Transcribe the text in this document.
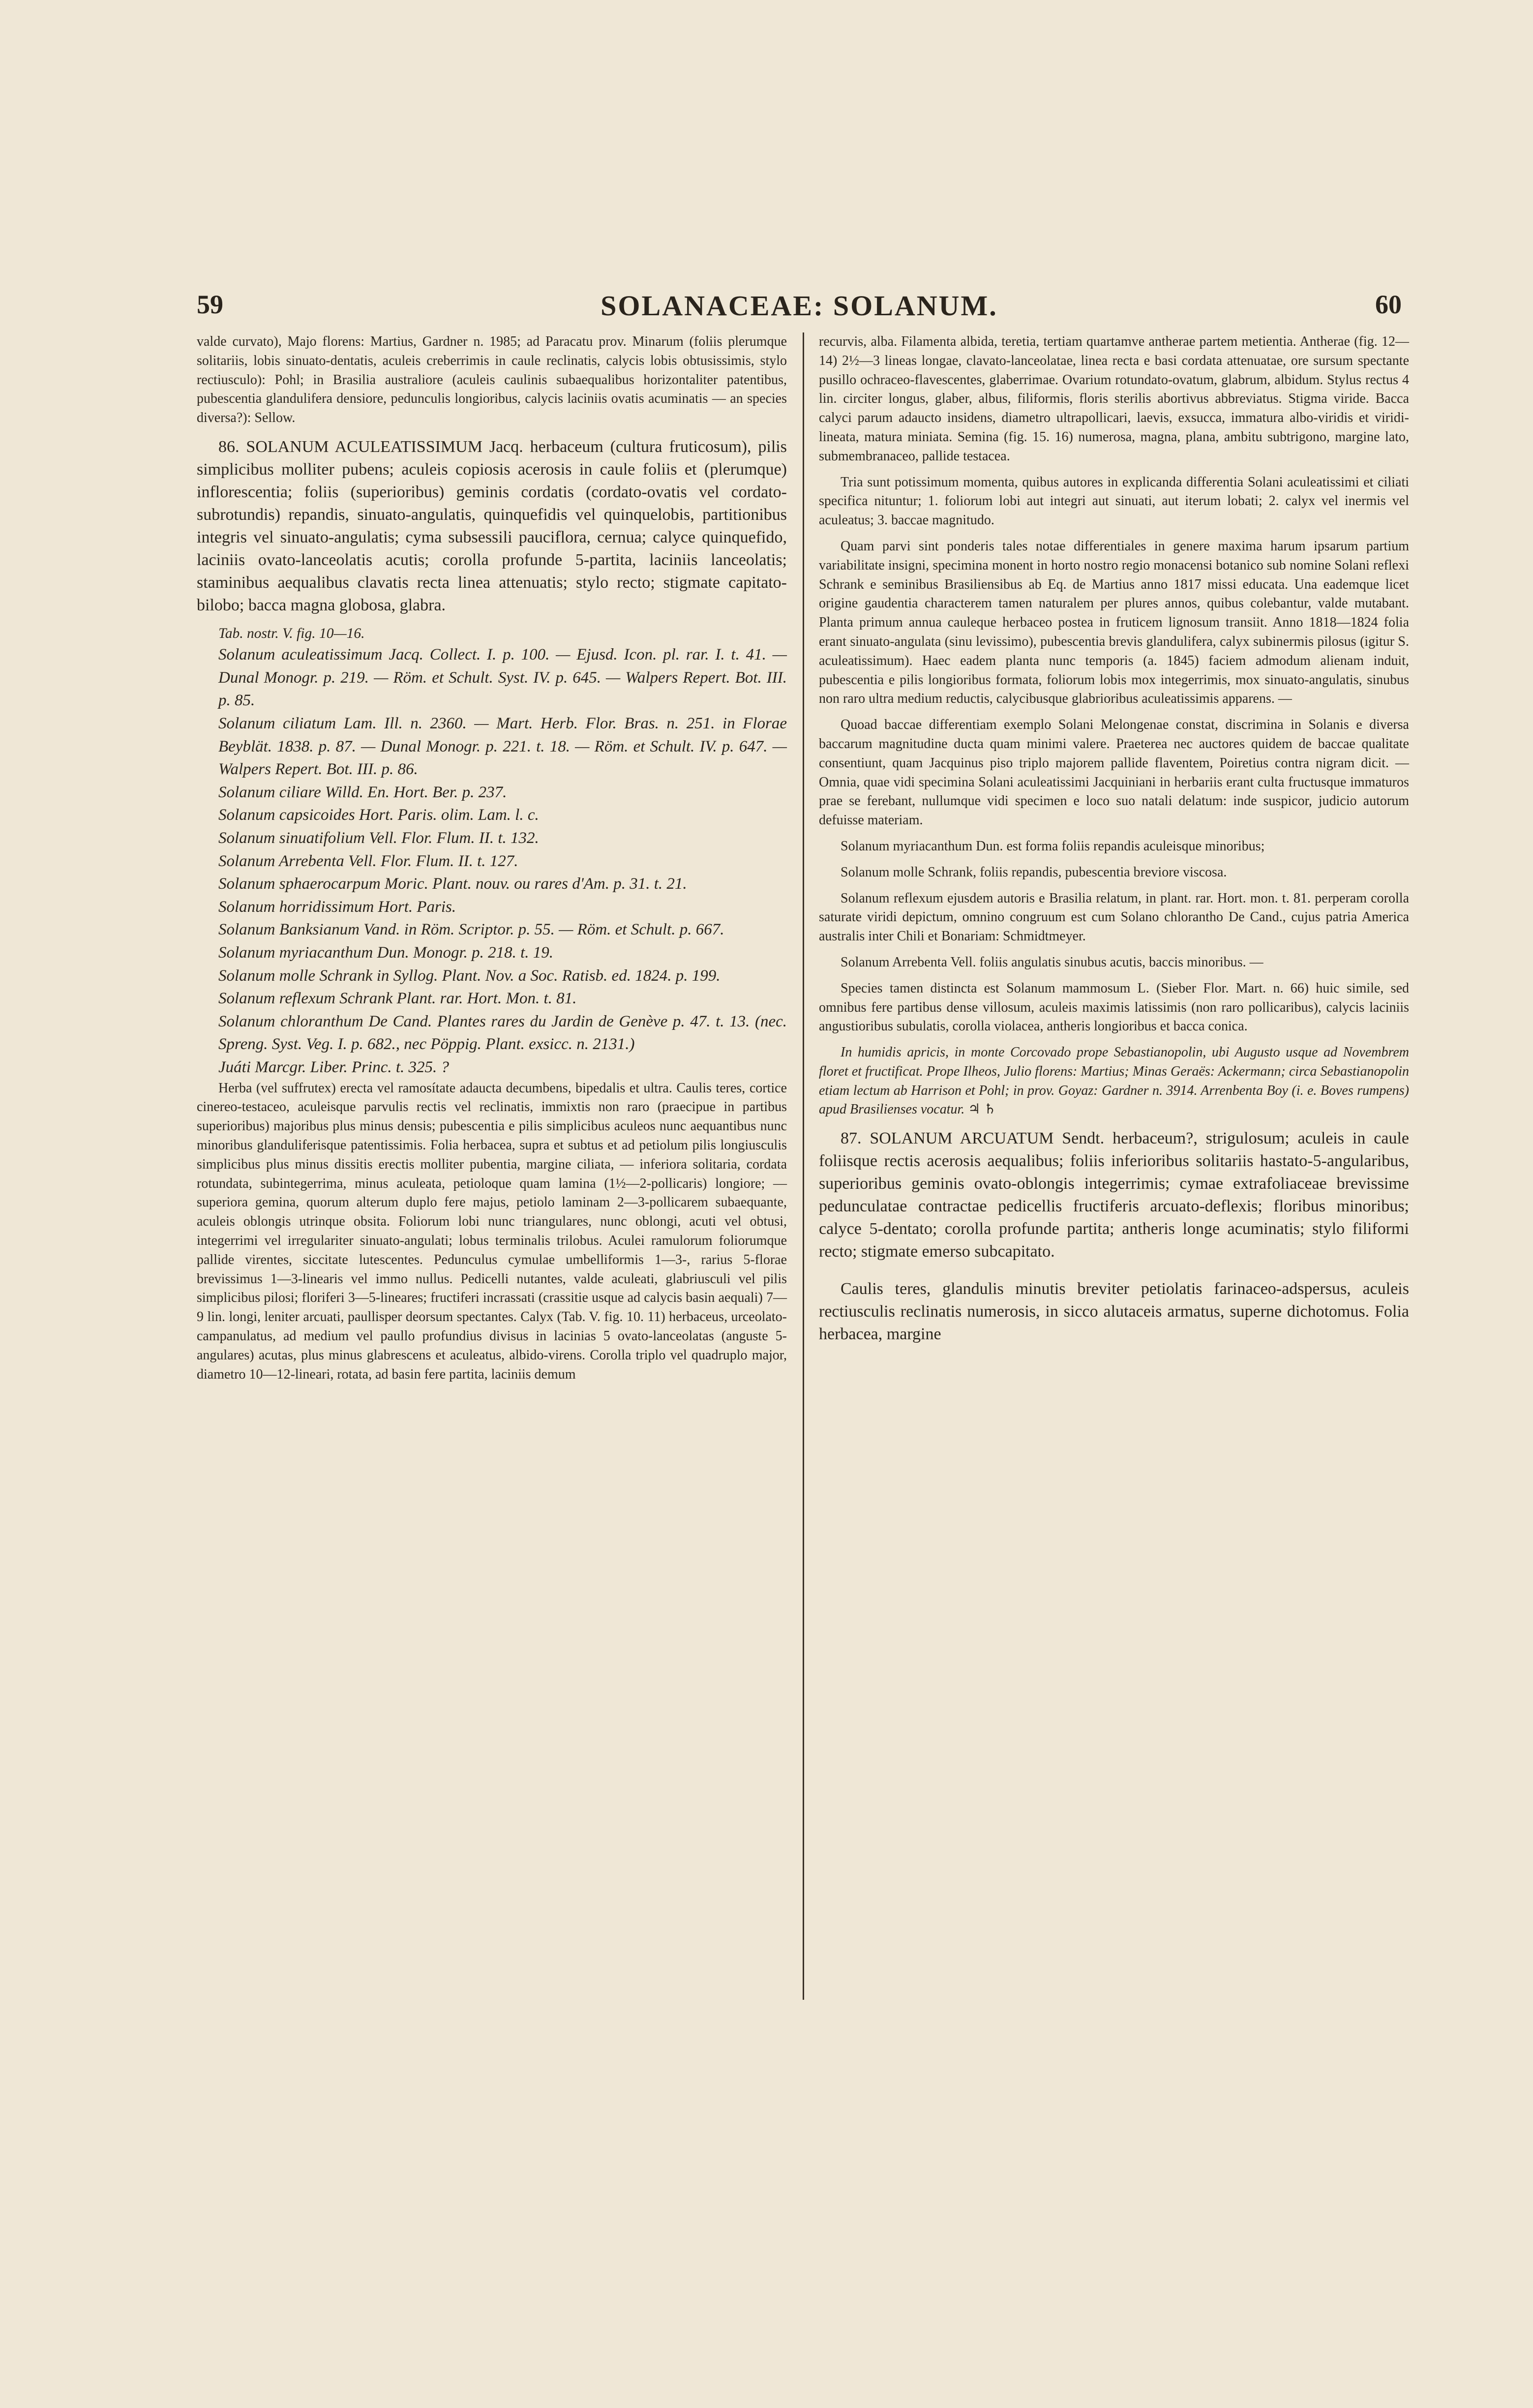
59	SOLANACEAE: SOLANUM.	60

valde curvato), Majo florens: Martius, Gardner n. 1985; ad Paracatu prov. Minarum (foliis plerumque solitariis, lobis sinuato-dentatis, aculeis creberrimis in caule reclinatis, calycis lobis obtusissimis, stylo rectiusculo): Pohl; in Brasilia australiore (aculeis caulinis subaequalibus horizontaliter patentibus, pubescentia glandulifera densiore, pedunculis longioribus, calycis laciniis ovatis acuminatis — an species diversa?): Sellow.

86. SOLANUM ACULEATISSIMUM Jacq. herbaceum (cultura fruticosum), pilis simplicibus molliter pubens; aculeis copiosis acerosis in caule foliis et (plerumque) inflorescentia; foliis (superioribus) geminis cordatis (cordato-ovatis vel cordato-subrotundis) repandis, sinuato-angulatis, quinquefidis vel quinquelobis, partitionibus integris vel sinuato-angulatis; cyma subsessili pauciflora, cernua; calyce quinquefido, laciniis ovato-lanceolatis acutis; corolla profunde 5-partita, laciniis lanceolatis; staminibus aequalibus clavatis recta linea attenuatis; stylo recto; stigmate capitato-bilobo; bacca magna globosa, glabra.

Tab. nostr. V. fig. 10—16.

Solanum aculeatissimum Jacq. Collect. I. p. 100. — Ejusd. Icon. pl. rar. I. t. 41. — Dunal Monogr. p. 219. — Röm. et Schult. Syst. IV. p. 645. — Walpers Repert. Bot. III. p. 85.

Solanum ciliatum Lam. Ill. n. 2360. — Mart. Herb. Flor. Bras. n. 251. in Florae Beyblät. 1838. p. 87. — Dunal Monogr. p. 221. t. 18. — Röm. et Schult. IV. p. 647. — Walpers Repert. Bot. III. p. 86.

Solanum ciliare Willd. En. Hort. Ber. p. 237.

Solanum capsicoides Hort. Paris. olim. Lam. l. c.

Solanum sinuatifolium Vell. Flor. Flum. II. t. 132.

Solanum Arrebenta Vell. Flor. Flum. II. t. 127.

Solanum sphaerocarpum Moric. Plant. nouv. ou rares d'Am. p. 31. t. 21.

Solanum horridissimum Hort. Paris.

Solanum Banksianum Vand. in Röm. Scriptor. p. 55. — Röm. et Schult. p. 667.

Solanum myriacanthum Dun. Monogr. p. 218. t. 19.

Solanum molle Schrank in Syllog. Plant. Nov. a Soc. Ratisb. ed. 1824. p. 199.

Solanum reflexum Schrank Plant. rar. Hort. Mon. t. 81.

Solanum chloranthum De Cand. Plantes rares du Jardin de Genève p. 47. t. 13. (nec. Spreng. Syst. Veg. I. p. 682., nec Pöppig. Plant. exsicc. n. 2131.)

Juáti Marcgr. Liber. Princ. t. 325. ?

Herba (vel suffrutex) erecta vel ramosítate adaucta decumbens, bipedalis et ultra. Caulis teres, cortice cinereo-testaceo, aculeisque parvulis rectis vel reclinatis, immixtis non raro (praecipue in partibus superioribus) majoribus plus minus densis; pubescentia e pilis simplicibus aculeos nunc aequantibus nunc minoribus glanduliferisque patentissimis. Folia herbacea, supra et subtus et ad petiolum pilis longiusculis simplicibus plus minus dissitis erectis molliter pubentia, margine ciliata, — inferiora solitaria, cordata rotundata, subintegerrima, minus aculeata, petioloque quam lamina (1½—2-pollicaris) longiore; — superiora gemina, quorum alterum duplo fere majus, petiolo laminam 2—3-pollicarem subaequante, aculeis oblongis utrinque obsita. Foliorum lobi nunc triangulares, nunc oblongi, acuti vel obtusi, integerrimi vel irregulariter sinuato-angulati; lobus terminalis trilobus. Aculei ramulorum foliorumque pallide virentes, siccitate lutescentes. Pedunculus cymulae umbelliformis 1—3-, rarius 5-florae brevissimus 1—3-linearis vel immo nullus. Pedicelli nutantes, valde aculeati, glabriusculi vel pilis simplicibus pilosi; floriferi 3—5-lineares; fructiferi incrassati (crassitie usque ad calycis basin aequali) 7—9 lin. longi, leniter arcuati, paullisper deorsum spectantes. Calyx (Tab. V. fig. 10. 11) herbaceus, urceolato-campanulatus, ad medium vel paullo profundius divisus in lacinias 5 ovato-lanceolatas (anguste 5-angulares) acutas, plus minus glabrescens et aculeatus, albido-virens. Corolla triplo vel quadruplo major, diametro 10—12-lineari, rotata, ad basin fere partita, laciniis demum

recurvis, alba. Filamenta albida, teretia, tertiam quartamve antherae partem metientia. Antherae (fig. 12—14) 2½—3 lineas longae, clavato-lanceolatae, linea recta e basi cordata attenuatae, ore sursum spectante pusillo ochraceo-flavescentes, glaberrimae. Ovarium rotundato-ovatum, glabrum, albidum. Stylus rectus 4 lin. circiter longus, glaber, albus, filiformis, floris sterilis abortivus abbreviatus. Stigma viride. Bacca calyci parum adaucto insidens, diametro ultrapollicari, laevis, exsucca, immatura albo-viridis et viridi-lineata, matura miniata. Semina (fig. 15. 16) numerosa, magna, plana, ambitu subtrigono, margine lato, submembranaceo, pallide testacea.

Tria sunt potissimum momenta, quibus autores in explicanda differentia Solani aculeatissimi et ciliati specifica nituntur; 1. foliorum lobi aut integri aut sinuati, aut iterum lobati; 2. calyx vel inermis vel aculeatus; 3. baccae magnitudo.

Quam parvi sint ponderis tales notae differentiales in genere maxima harum ipsarum partium variabilitate insigni, specimina monent in horto nostro regio monacensi botanico sub nomine Solani reflexi Schrank e seminibus Brasiliensibus ab Eq. de Martius anno 1817 missi educata. Una eademque licet origine gaudentia characterem tamen naturalem per plures annos, quibus colebantur, valde mutabant. Planta primum annua cauleque herbaceo postea in fruticem lignosum transiit. Anno 1818—1824 folia erant sinuato-angulata (sinu levissimo), pubescentia brevis glandulifera, calyx subinermis pilosus (igitur S. aculeatissimum). Haec eadem planta nunc temporis (a. 1845) faciem admodum alienam induit, pubescentia e pilis longioribus formata, foliorum lobis mox integerrimis, mox sinuato-angulatis, sinubus non raro ultra medium reductis, calycibusque glabrioribus aculeatissimis apparens. —

Quoad baccae differentiam exemplo Solani Melongenae constat, discrimina in Solanis e diversa baccarum magnitudine ducta quam minimi valere. Praeterea nec auctores quidem de baccae qualitate consentiunt, quam Jacquinus piso triplo majorem pallide flaventem, Poiretius contra nigram dicit. — Omnia, quae vidi specimina Solani aculeatissimi Jacquiniani in herbariis erant culta fructusque immaturos prae se ferebant, nullumque vidi specimen e loco suo natali delatum: inde suspicor, judicio autorum defuisse materiam.

Solanum myriacanthum Dun. est forma foliis repandis aculeisque minoribus;

Solanum molle Schrank, foliis repandis, pubescentia breviore viscosa.

Solanum reflexum ejusdem autoris e Brasilia relatum, in plant. rar. Hort. mon. t. 81. perperam corolla saturate viridi depictum, omnino congruum est cum Solano chlorantho De Cand., cujus patria America australis inter Chili et Bonariam: Schmidtmeyer.

Solanum Arrebenta Vell. foliis angulatis sinubus acutis, baccis minoribus. —

Species tamen distincta est Solanum mammosum L. (Sieber Flor. Mart. n. 66) huic simile, sed omnibus fere partibus dense villosum, aculeis maximis latissimis (non raro pollicaribus), calycis laciniis angustioribus subulatis, corolla violacea, antheris longioribus et bacca conica.

In humidis apricis, in monte Corcovado prope Sebastianopolin, ubi Augusto usque ad Novembrem floret et fructificat. Prope Ilheos, Julio florens: Martius; Minas Geraës: Ackermann; circa Sebastianopolin etiam lectum ab Harrison et Pohl; in prov. Goyaz: Gardner n. 3914. Arrenbenta Boy (i. e. Boves rumpens) apud Brasilienses vocatur. ♃ ♄

87. SOLANUM ARCUATUM Sendt. herbaceum?, strigulosum; aculeis in caule foliisque rectis acerosis aequalibus; foliis inferioribus solitariis hastato-5-angularibus, superioribus geminis ovato-oblongis integerrimis; cymae extrafoliaceae brevissime pedunculatae contractae pedicellis fructiferis arcuato-deflexis; floribus minoribus; calyce 5-dentato; corolla profunde partita; antheris longe acuminatis; stylo filiformi recto; stigmate emerso subcapitato.

Caulis teres, glandulis minutis breviter petiolatis farinaceo-adspersus, aculeis rectiusculis reclinatis numerosis, in sicco alutaceis armatus, superne dichotomus. Folia herbacea, margine
